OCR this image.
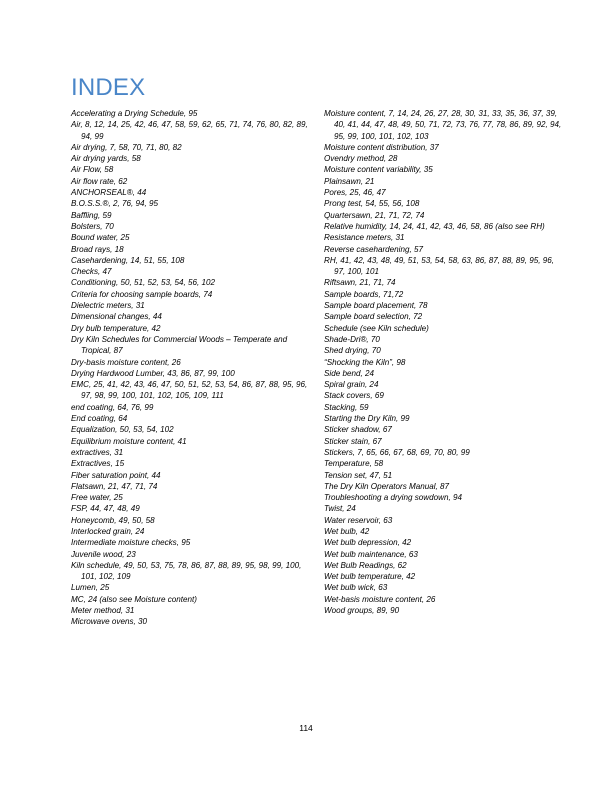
INDEX
Accelerating a Drying Schedule, 95
Air, 8, 12, 14, 25, 42, 46, 47, 58, 59, 62, 65, 71, 74, 76, 80, 82, 89, 94, 99
Air drying, 7, 58, 70, 71, 80, 82
Air drying yards, 58
Air Flow, 58
Air flow rate, 62
ANCHORSEAL®, 44
B.O.S.S.®, 2, 76, 94, 95
Baffling, 59
Bolsters, 70
Bound water, 25
Broad rays, 18
Casehardening, 14, 51, 55, 108
Checks, 47
Conditioning, 50, 51, 52, 53, 54, 56, 102
Criteria for choosing sample boards, 74
Dielectric meters, 31
Dimensional changes, 44
Dry bulb temperature, 42
Dry Kiln Schedules for Commercial Woods – Temperate and Tropical, 87
Dry-basis moisture content, 26
Drying Hardwood Lumber, 43, 86, 87, 99, 100
EMC, 25, 41, 42, 43, 46, 47, 50, 51, 52, 53, 54, 86, 87, 88, 95, 96, 97, 98, 99, 100, 101, 102, 105, 109, 111
end coating, 64, 76, 99
End coating, 64
Equalization, 50, 53, 54, 102
Equilibrium moisture content, 41
extractives, 31
Extractives, 15
Fiber saturation point, 44
Flatsawn, 21, 47, 71, 74
Free water, 25
FSP, 44, 47, 48, 49
Honeycomb, 49, 50, 58
Interlocked grain, 24
Intermediate moisture checks, 95
Juvenile wood, 23
Kiln schedule, 49, 50, 53, 75, 78, 86, 87, 88, 89, 95, 98, 99, 100, 101, 102, 109
Lumen, 25
MC, 24 (also see Moisture content)
Meter method, 31
Microwave ovens, 30
Moisture content, 7, 14, 24, 26, 27, 28, 30, 31, 33, 35, 36, 37, 39, 40, 41, 44, 47, 48, 49, 50, 71, 72, 73, 76, 77, 78, 86, 89, 92, 94, 95, 99, 100, 101, 102, 103
Moisture content distribution, 37
Ovendry method, 28
Moisture content variability, 35
Plainsawn, 21
Pores, 25, 46, 47
Prong test, 54, 55, 56, 108
Quartersawn, 21, 71, 72, 74
Relative humidity, 14, 24, 41, 42, 43, 46, 58, 86 (also see RH)
Resistance meters, 31
Reverse casehardening, 57
RH, 41, 42, 43, 48, 49, 51, 53, 54, 58, 63, 86, 87, 88, 89, 95, 96, 97, 100, 101
Riftsawn, 21, 71, 74
Sample boards, 71,72
Sample board placement, 78
Sample board selection, 72
Schedule (see Kiln schedule)
Shade-Dri®, 70
Shed drying, 70
“Shocking the Kiln”, 98
Side bend, 24
Spiral grain, 24
Stack covers, 69
Stacking, 59
Starting the Dry Kiln, 99
Sticker shadow, 67
Sticker stain, 67
Stickers, 7, 65, 66, 67, 68, 69, 70, 80, 99
Temperature, 58
Tension set, 47, 51
The Dry Kiln Operators Manual, 87
Troubleshooting a drying sowdown, 94
Twist, 24
Water reservoir, 63
Wet bulb, 42
Wet bulb depression, 42
Wet bulb maintenance, 63
Wet Bulb Readings, 62
Wet bulb temperature, 42
Wet bulb wick, 63
Wet-basis moisture content, 26
Wood groups, 89, 90
114
